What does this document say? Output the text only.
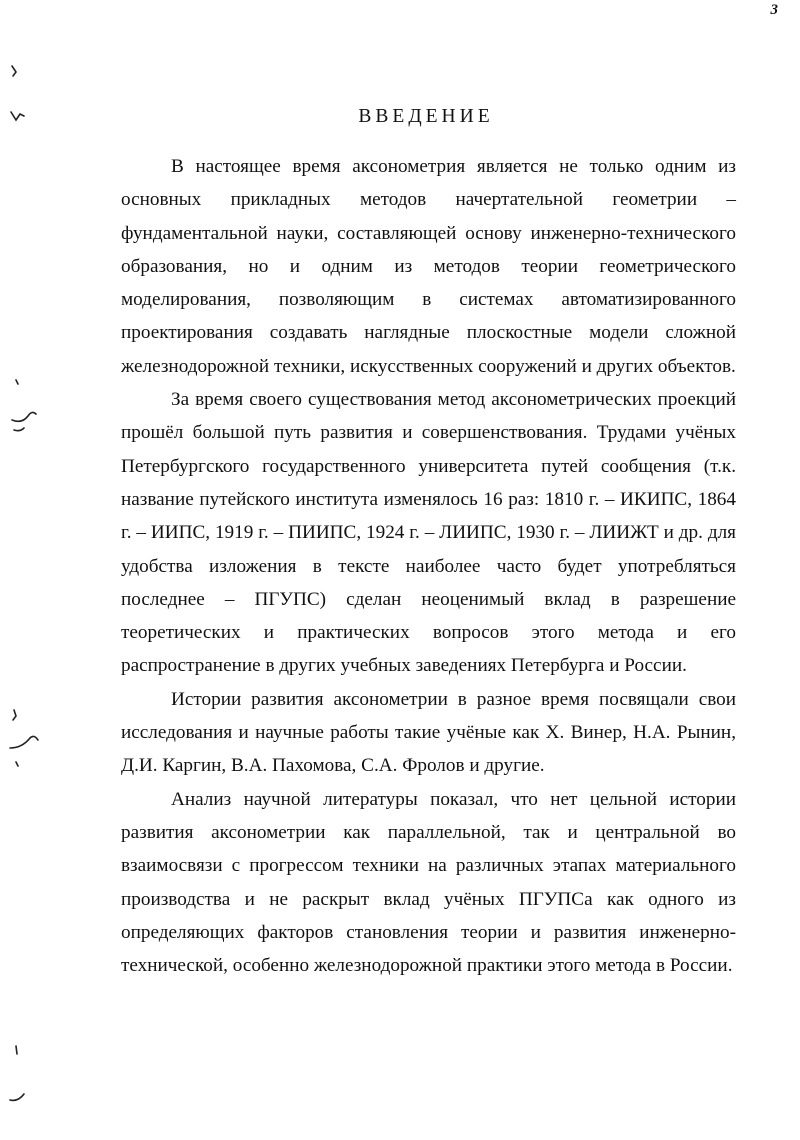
3
ВВЕДЕНИЕ

В настоящее время аксонометрия является не только одним из основных прикладных методов начертательной геометрии – фундаментальной науки, составляющей основу инженерно-технического образования, но и одним из методов теории геометрического моделирования, позволяющим в системах автоматизированного проектирования создавать наглядные плоскостные модели сложной железнодорожной техники, искусственных сооружений и других объектов.

За время своего существования метод аксонометрических проекций прошёл большой путь развития и совершенствования. Трудами учёных Петербургского государственного университета путей сообщения (т.к. название путейского института изменялось 16 раз: 1810 г. – ИКИПС, 1864 г. – ИИПС, 1919 г. – ПИИПС, 1924 г. – ЛИИПС, 1930 г. – ЛИИЖТ и др. для удобства изложения в тексте наиболее часто будет употребляться последнее – ПГУПС) сделан неоценимый вклад в разрешение теоретических и практических вопросов этого метода и его распространение в других учебных заведениях Петербурга и России.

Истории развития аксонометрии в разное время посвящали свои исследования и научные работы такие учёные как Х. Винер, Н.А. Рынин, Д.И. Каргин, В.А. Пахомова, С.А. Фролов и другие.

Анализ научной литературы показал, что нет цельной истории развития аксонометрии как параллельной, так и центральной во взаимосвязи с прогрессом техники на различных этапах материального производства и не раскрыт вклад учёных ПГУПСа как одного из определяющих факторов становления теории и развития инженерно-технической, особенно железнодорожной практики этого метода в России.
